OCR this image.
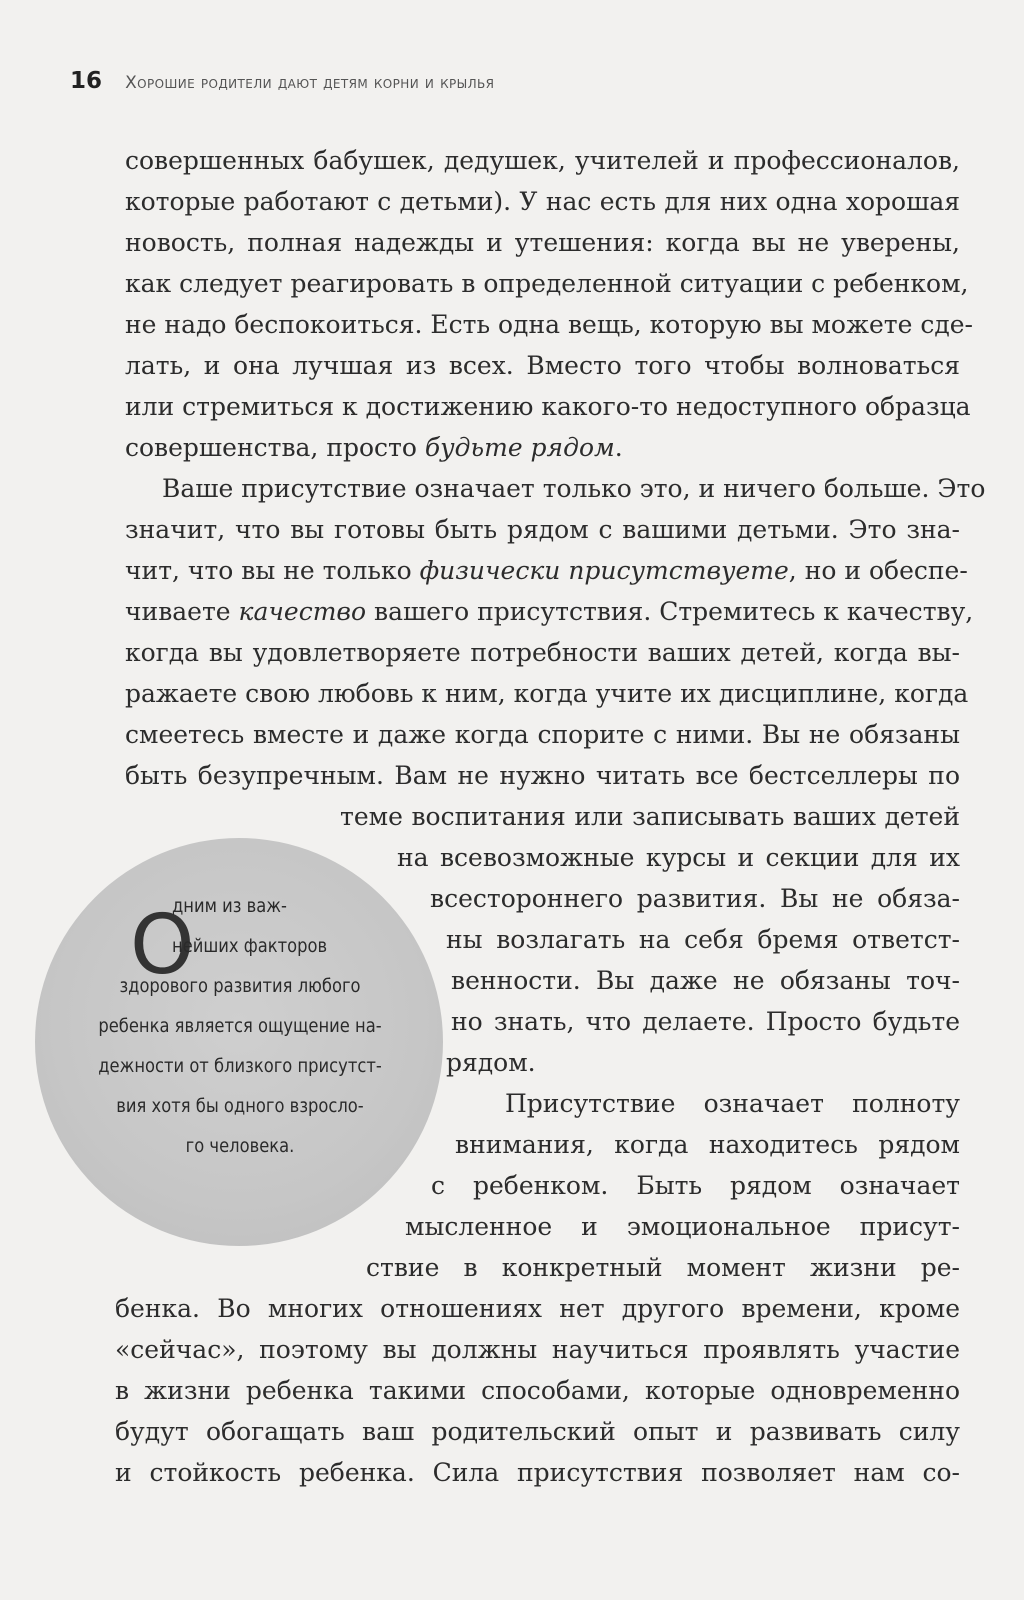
16 Хорошие родители дают детям корни и крылья
совершенных бабушек, дедушек, учителей и профессионалов,
которые работают с детьми). У нас есть для них одна хорошая
новость, полная надежды и утешения: когда вы не уверены,
как следует реагировать в определенной ситуации с ребенком,
не надо беспокоиться. Есть одна вещь, которую вы можете сде-
лать, и она лучшая из всех. Вместо того чтобы волноваться
или стремиться к достижению какого-то недоступного образца
совершенства, просто будьте рядом.
Ваше присутствие означает только это, и ничего больше. Это
значит, что вы готовы быть рядом с вашими детьми. Это зна-
чит, что вы не только физически присутствуете, но и обеспе-
чиваете качество вашего присутствия. Стремитесь к качеству,
когда вы удовлетворяете потребности ваших детей, когда вы-
ражаете свою любовь к ним, когда учите их дисциплине, когда
смеетесь вместе и даже когда спорите с ними. Вы не обязаны
быть безупречным. Вам не нужно читать все бестселлеры по
теме воспитания или записывать ваших детей
на всевозможные курсы и секции для их
всестороннего развития. Вы не обяза-
ны возлагать на себя бремя ответст-
венности. Вы даже не обязаны точ-
но знать, что делаете. Просто будьте
рядом.
Присутствие означает полноту
внимания, когда находитесь рядом
с ребенком. Быть рядом означает
мысленное и эмоциональное присут-
ствие в конкретный момент жизни ре-
бенка. Во многих отношениях нет другого времени, кроме
«сейчас», поэтому вы должны научиться проявлять участие
в жизни ребенка такими способами, которые одновременно
будут обогащать ваш родительский опыт и развивать силу
и стойкость ребенка. Сила присутствия позволяет нам со-
О
дним из важ-
нейших факторов
здорового развития любого
ребенка является ощущение на-
дежности от близкого присутст-
вия хотя бы одного взросло-
го человека.
